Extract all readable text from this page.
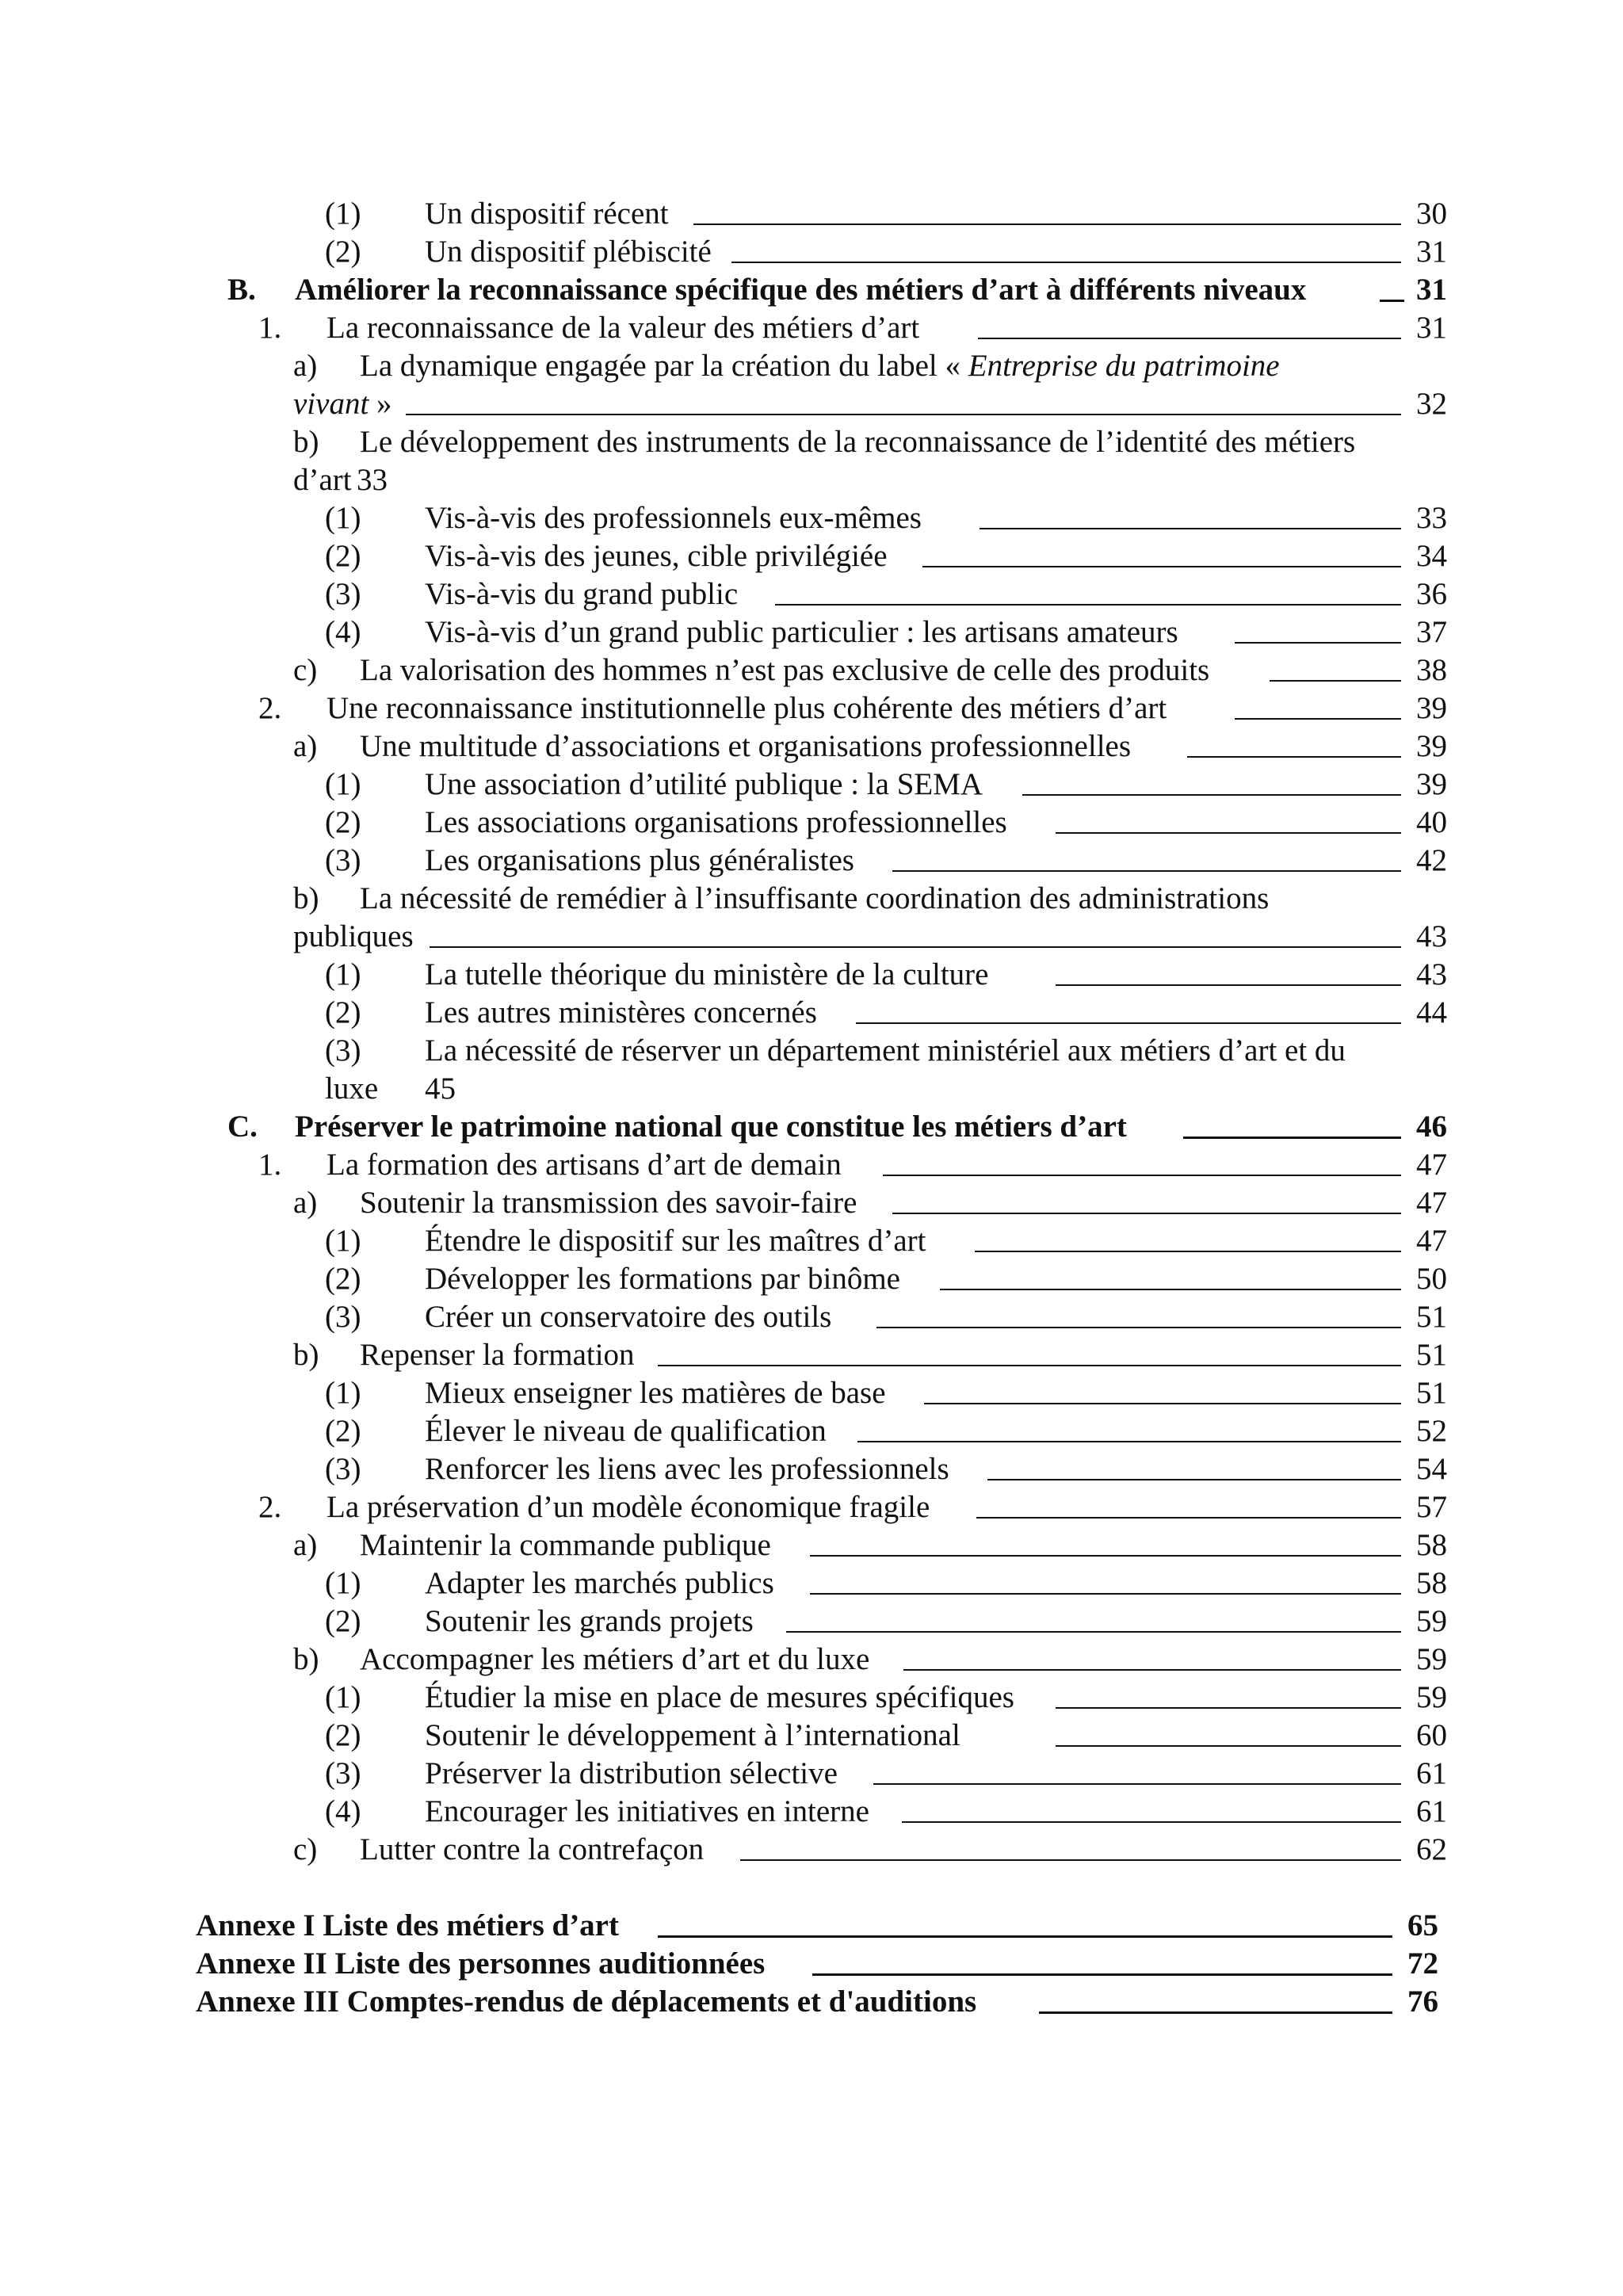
(1) Un dispositif récent	30
(2) Un dispositif plébiscité	31
B. Améliorer la reconnaissance spécifique des métiers d’art à différents niveaux	31
1. La reconnaissance de la valeur des métiers d’art	31
a) La dynamique engagée par la création du label « Entreprise du patrimoine
vivant »	32
b) Le développement des instruments de la reconnaissance de l’identité des métiers
d’art 33
(1) Vis-à-vis des professionnels eux-mêmes	33
(2) Vis-à-vis des jeunes, cible privilégiée	34
(3) Vis-à-vis du grand public	36
(4) Vis-à-vis d’un grand public particulier : les artisans amateurs	37
c) La valorisation des hommes n’est pas exclusive de celle des produits	38
2. Une reconnaissance institutionnelle plus cohérente des métiers d’art	39
a) Une multitude d’associations et organisations professionnelles	39
(1) Une association d’utilité publique : la SEMA	39
(2) Les associations organisations professionnelles	40
(3) Les organisations plus généralistes	42
b) La nécessité de remédier à l’insuffisante coordination des administrations
publiques	43
(1) La tutelle théorique du ministère de la culture	43
(2) Les autres ministères concernés	44
(3) La nécessité de réserver un département ministériel aux métiers d’art et du
luxe 45
C. Préserver le patrimoine national que constitue les métiers d’art	46
1. La formation des artisans d’art de demain	47
a) Soutenir la transmission des savoir-faire	47
(1) Étendre le dispositif sur les maîtres d’art	47
(2) Développer les formations par binôme	50
(3) Créer un conservatoire des outils	51
b) Repenser la formation	51
(1) Mieux enseigner les matières de base	51
(2) Élever le niveau de qualification	52
(3) Renforcer les liens avec les professionnels	54
2. La préservation d’un modèle économique fragile	57
a) Maintenir la commande publique	58
(1) Adapter les marchés publics	58
(2) Soutenir les grands projets	59
b) Accompagner les métiers d’art et du luxe	59
(1) Étudier la mise en place de mesures spécifiques	59
(2) Soutenir le développement à l’international	60
(3) Préserver la distribution sélective	61
(4) Encourager les initiatives en interne	61
c) Lutter contre la contrefaçon	62
Annexe I Liste des métiers d’art	65
Annexe II Liste des personnes auditionnées	72
Annexe III Comptes-rendus de déplacements et d'auditions	76
